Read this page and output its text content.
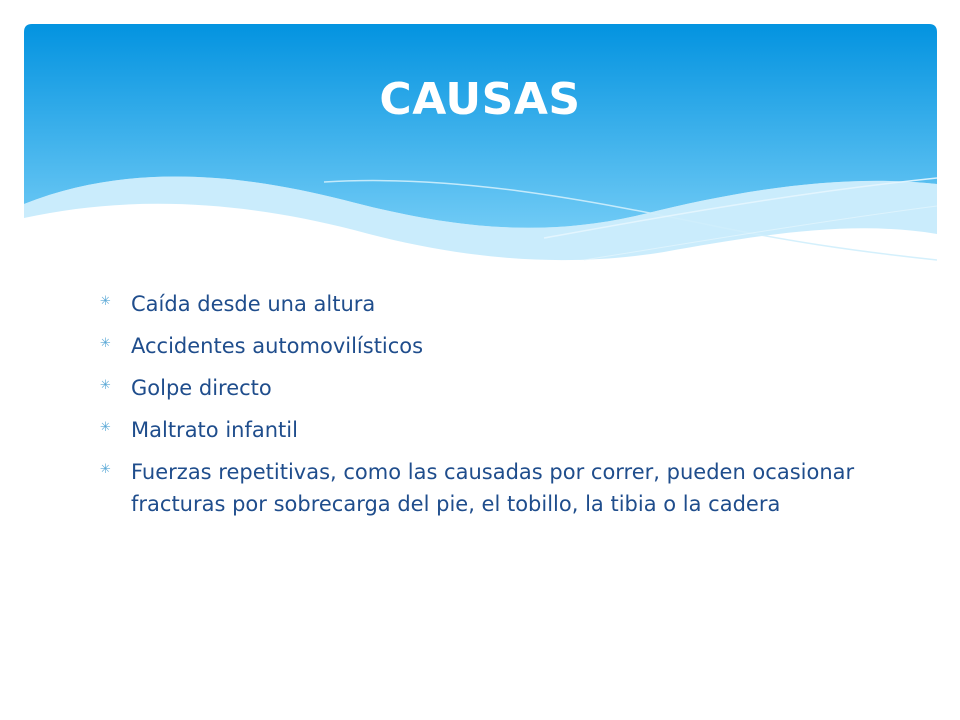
CAUSAS
✳ Caída desde una altura
✳ Accidentes automovilísticos
✳ Golpe directo
✳ Maltrato infantil
✳ Fuerzas repetitivas, como las causadas por correr, pueden ocasionar fracturas por sobrecarga del pie, el tobillo, la tibia o la cadera
